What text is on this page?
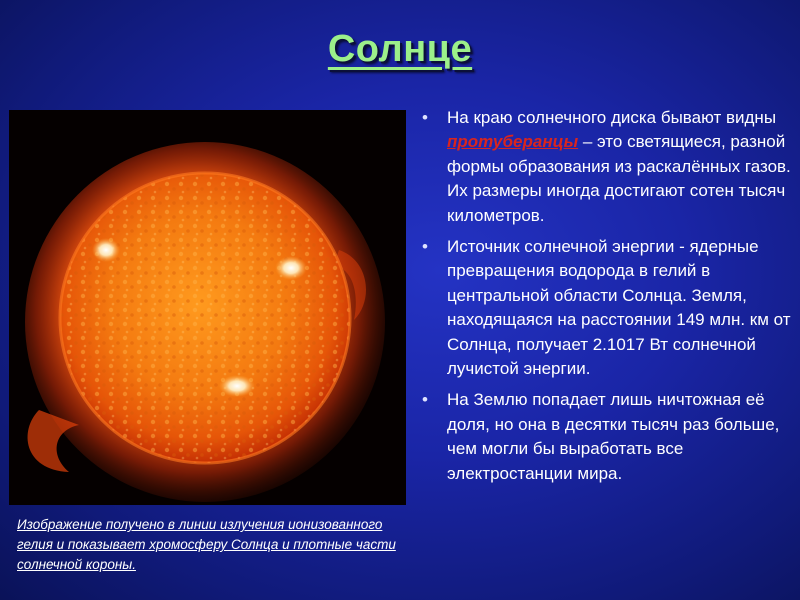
Солнце
Изображение получено в линии излучения ионизованного гелия и показывает хромосферу Солнца и плотные части солнечной короны.
• На краю солнечного диска бывают видны протуберанцы – это светящиеся, разной формы образования из раскалённых газов. Их размеры иногда достигают сотен тысяч километров.
• Источник солнечной энергии - ядерные превращения водорода в гелий в центральной области Солнца. Земля, находящаяся на расстоянии 149 млн. км от Солнца, получает 2.1017 Вт солнечной лучистой энергии.
• На Землю попадает лишь ничтожная её доля, но она в десятки тысяч раз больше, чем могли бы выработать все электростанции мира.
